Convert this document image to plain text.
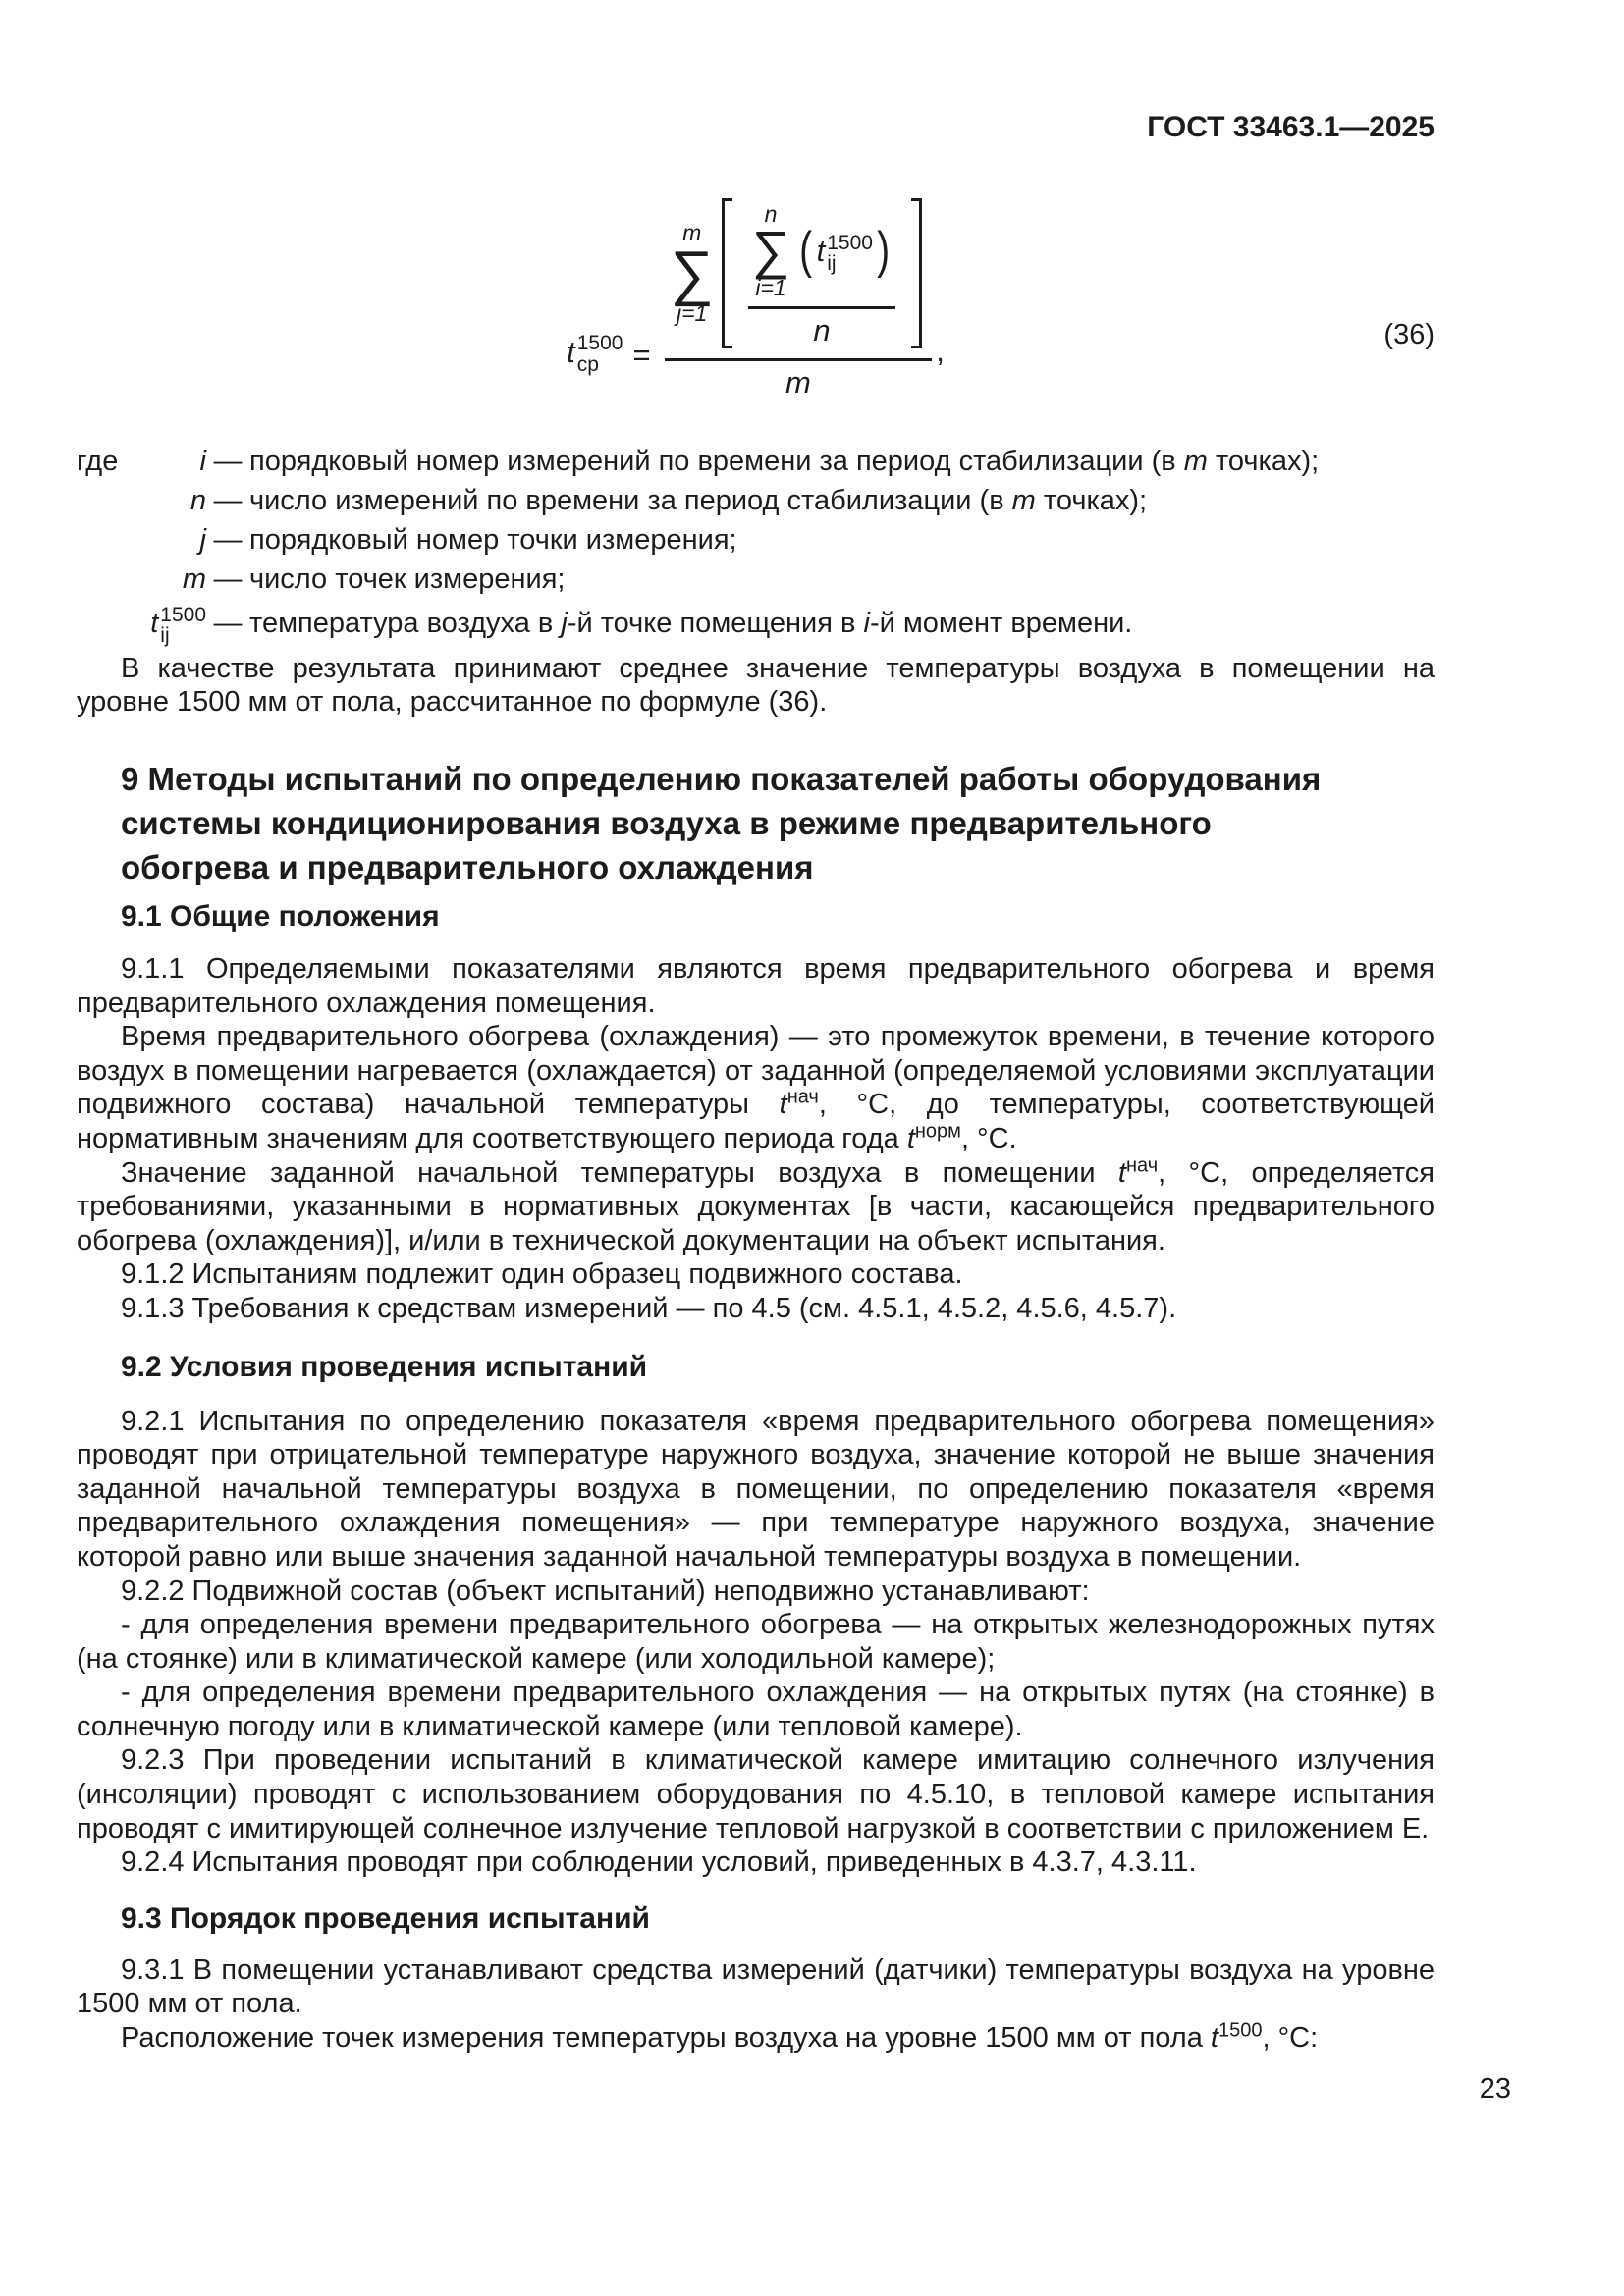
ГОСТ 33463.1—2025
t 1500
ср =
m
∑
j=1
n
∑
i=1
( t 1500
ij )
n
m
,	(36)
где	i — порядковый номер измерений по времени за период стабилизации (в m точках);
n — число измерений по времени за период стабилизации (в m точках);
j — порядковый номер точки измерения;
m — число точек измерения;
t 1500
ij — температура воздуха в j-й точке помещения в i-й момент времени.

В качестве результата принимают среднее значение температуры воздуха в помещении на уровне 1500 мм от пола, рассчитанное по формуле (36).

9 Методы испытаний по определению показателей работы оборудования системы кондиционирования воздуха в режиме предварительного обогрева и предварительного охлаждения
9.1 Общие положения

9.1.1 Определяемыми показателями являются время предварительного обогрева и время предварительного охлаждения помещения.

Время предварительного обогрева (охлаждения) — это промежуток времени, в течение которого воздух в помещении нагревается (охлаждается) от заданной (определяемой условиями эксплуатации подвижного состава) начальной температуры $t^{нач}$, °С, до температуры, соответствующей нормативным значениям для соответствующего периода года $t^{норм}$, °С.

Значение заданной начальной температуры воздуха в помещении $t^{нач}$, °С, определяется требованиями, указанными в нормативных документах [в части, касающейся предварительного обогрева (охлаждения)], и/или в технической документации на объект испытания.

9.1.2 Испытаниям подлежит один образец подвижного состава.

9.1.3 Требования к средствам измерений — по 4.5 (см. 4.5.1, 4.5.2, 4.5.6, 4.5.7).

9.2 Условия проведения испытаний

9.2.1 Испытания по определению показателя «время предварительного обогрева помещения» проводят при отрицательной температуре наружного воздуха, значение которой не выше значения заданной начальной температуры воздуха в помещении, по определению показателя «время предварительного охлаждения помещения» — при температуре наружного воздуха, значение которой равно или выше значения заданной начальной температуры воздуха в помещении.

9.2.2 Подвижной состав (объект испытаний) неподвижно устанавливают:

- для определения времени предварительного обогрева — на открытых железнодорожных путях (на стоянке) или в климатической камере (или холодильной камере);

- для определения времени предварительного охлаждения — на открытых путях (на стоянке) в солнечную погоду или в климатической камере (или тепловой камере).

9.2.3 При проведении испытаний в климатической камере имитацию солнечного излучения (инсоляции) проводят с использованием оборудования по 4.5.10, в тепловой камере испытания проводят с имитирующей солнечное излучение тепловой нагрузкой в соответствии с приложением Е.

9.2.4 Испытания проводят при соблюдении условий, приведенных в 4.3.7, 4.3.11.

9.3 Порядок проведения испытаний

9.3.1 В помещении устанавливают средства измерений (датчики) температуры воздуха на уровне 1500 мм от пола.

Расположение точек измерения температуры воздуха на уровне 1500 мм от пола $t^{1500}$, °С:

23
